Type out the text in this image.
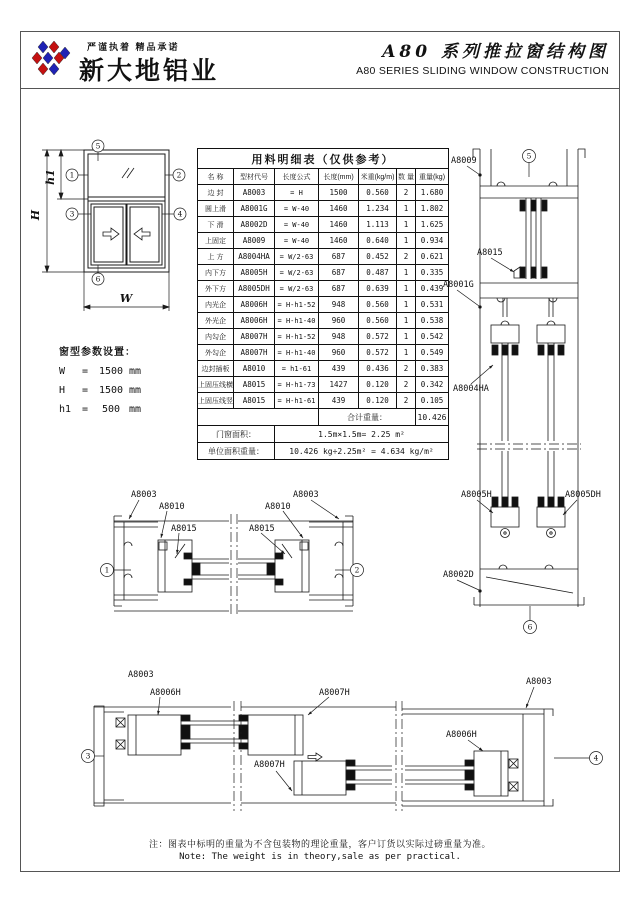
严谨执着 精品承诺
新大地铝业
A80 系列推拉窗结构图
A80 SERIES SLIDING WINDOW CONSTRUCTION
H
h1
W
5
1	2
3	4
6
窗型参数设置：
W	=	1500 mm
H	=	1500 mm
h1	=	500 mm
用料明细表（仅供参考）						
名 称	型材代号	长度公式	长度(mm)	米重(kg/m)	数 量	重量(kg)
边 封	A8003	= H	1500	0.560	2	1.680
圆上滑	A8001G	= W-40	1460	1.234	1	1.802
下 滑	A8002D	= W-40	1460	1.113	1	1.625
上固定	A8009	= W-40	1460	0.640	1	0.934
上 方	A8004HA	= W/2-63	687	0.452	2	0.621
内下方	A8005H	= W/2-63	687	0.487	1	0.335
外下方	A8005DH	= W/2-63	687	0.639	1	0.439
内光企	A8006H	= H-h1-52	948	0.560	1	0.531
外光企	A8006H	= H-h1-40	960	0.560	1	0.538
内勾企	A8007H	= H-h1-52	948	0.572	1	0.542
外勾企	A8007H	= H-h1-40	960	0.572	1	0.549
边封插板	A8010	= h1-61	439	0.436	2	0.383
上固压线横	A8015	= H-h1-73	1427	0.120	2	0.342
上固压线竖	A8015	= H-h1-61	439	0.120	2	0.105
			合计重量：			10.426
门窗面积：		1.5m×1.5m= 2.25 m²				
单位面积重量：		10.426 kg÷2.25m² = 4.634 kg/m²				
A8009
A8015
A8001G
A8004HA
A8005H	A8005DH
A8002D
5
6
A8003
A8010
A8015
A8003
A8010
A8015
1	2
A8003
A8006H	A8007H
A8007H
A8006H
A8003
3	4
注：图表中标明的重量为不含包装物的理论重量，客户订货以实际过磅重量为准。
Note: The weight is in theory,sale as per practical.
